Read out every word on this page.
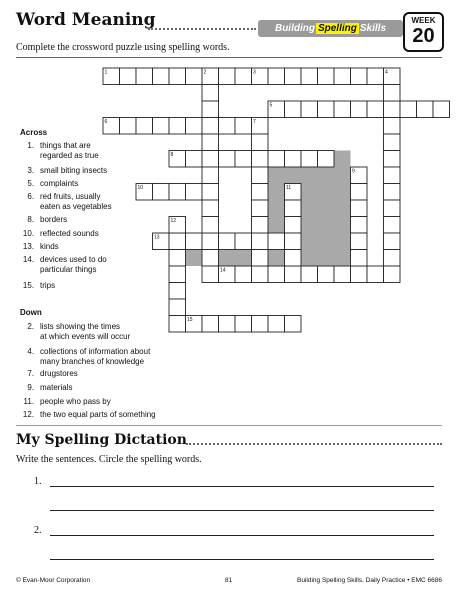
Word Meaning	Building Spelling Skills
WEEK
20
Complete the crossword puzzle using spelling words.
Across
1. things that are
regarded as true
3. small biting insects
5. complaints
6. red fruits, usually
eaten as vegetables
8. borders
10. reflected sounds
13. kinds
14. devices used to do
particular things
15. trips
Down
2. lists showing the times
at which events will occur
4. collections of information about
many branches of knowledge
7. drugstores
9. materials
11. people who pass by
12. the two equal parts of something
1	2	3	4
5
6	7
8
9
10	11
12
13
14
15
My Spelling Dictation
Write the sentences. Circle the spelling words.
1.
2.
© Evan-Moor Corporation	81	Building Spelling Skills, Daily Practice • EMC 6686
